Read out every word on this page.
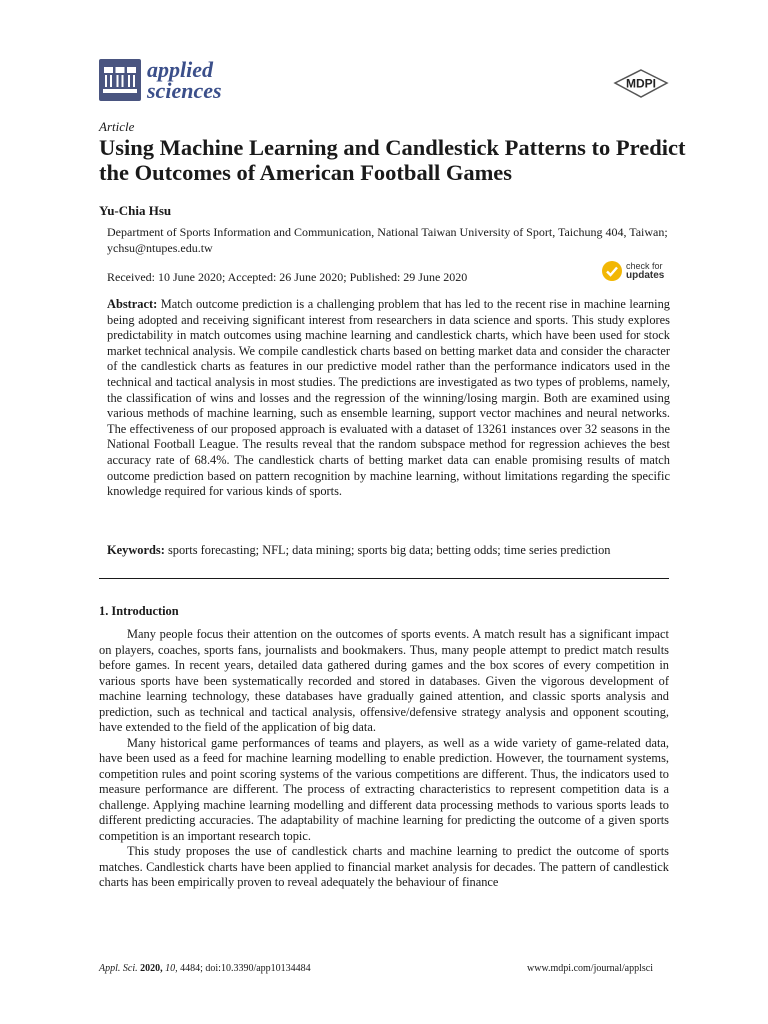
applied
sciences	MDPI
Article
Using Machine Learning and Candlestick Patterns to Predict the Outcomes of American Football Games
Yu-Chia Hsu
Department of Sports Information and Communication, National Taiwan University of Sport, Taichung 404, Taiwan; ychsu@ntupes.edu.tw
Received: 10 June 2020; Accepted: 26 June 2020; Published: 29 June 2020
check for
updates

Abstract: Match outcome prediction is a challenging problem that has led to the recent rise in machine learning being adopted and receiving significant interest from researchers in data science and sports. This study explores predictability in match outcomes using machine learning and candlestick charts, which have been used for stock market technical analysis. We compile candlestick charts based on betting market data and consider the character of the candlestick charts as features in our predictive model rather than the performance indicators used in the technical and tactical analysis in most studies. The predictions are investigated as two types of problems, namely, the classification of wins and losses and the regression of the winning/losing margin. Both are examined using various methods of machine learning, such as ensemble learning, support vector machines and neural networks. The effectiveness of our proposed approach is evaluated with a dataset of 13261 instances over 32 seasons in the National Football League. The results reveal that the random subspace method for regression achieves the best accuracy rate of 68.4%. The candlestick charts of betting market data can enable promising results of match outcome prediction based on pattern recognition by machine learning, without limitations regarding the specific knowledge required for various kinds of sports.

Keywords: sports forecasting; NFL; data mining; sports big data; betting odds; time series prediction
1. Introduction

Many people focus their attention on the outcomes of sports events. A match result has a significant impact on players, coaches, sports fans, journalists and bookmakers. Thus, many people attempt to predict match results before games. In recent years, detailed data gathered during games and the box scores of every competition in various sports have been systematically recorded and stored in databases. Given the vigorous development of machine learning technology, these databases have gradually gained attention, and classic sports analysis and prediction, such as technical and tactical analysis, offensive/defensive strategy analysis and opponent scouting, have extended to the field of the application of big data.

Many historical game performances of teams and players, as well as a wide variety of game-related data, have been used as a feed for machine learning modelling to enable prediction. However, the tournament systems, competition rules and point scoring systems of the various competitions are different. Thus, the indicators used to measure performance are different. The process of extracting characteristics to represent competition data is a challenge. Applying machine learning modelling and different data processing methods to various sports leads to different predicting accuracies. The adaptability of machine learning for predicting the outcome of a given sports competition is an important research topic.

This study proposes the use of candlestick charts and machine learning to predict the outcome of sports matches. Candlestick charts have been applied to financial market analysis for decades. The pattern of candlestick charts has been empirically proven to reveal adequately the behaviour of finance

Appl. Sci. 2020, 10, 4484; doi:10.3390/app10134484	www.mdpi.com/journal/applsci
